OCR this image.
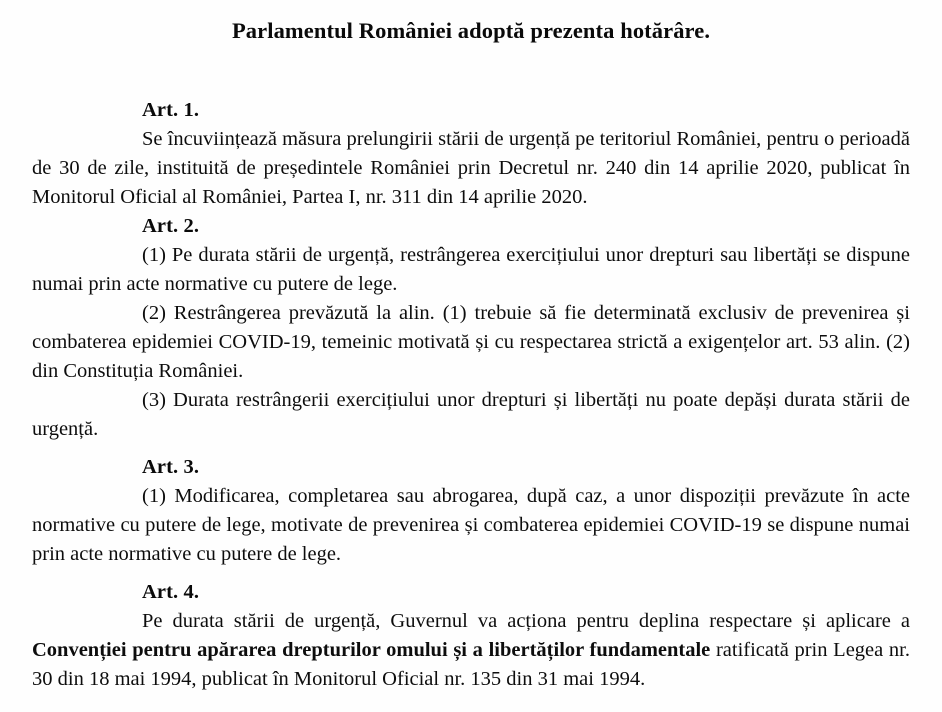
Parlamentul României adoptă prezenta hotărâre.
Art. 1.

Se încuviințează măsura prelungirii stării de urgență pe teritoriul României, pentru o perioadă de 30 de zile, instituită de președintele României prin Decretul nr. 240 din 14 aprilie 2020, publicat în Monitorul Oficial al României, Partea I, nr. 311 din 14 aprilie 2020.

Art. 2.

(1) Pe durata stării de urgență, restrângerea exercițiului unor drepturi sau libertăți se dispune numai prin acte normative cu putere de lege.

(2) Restrângerea prevăzută la alin. (1) trebuie să fie determinată exclusiv de prevenirea și combaterea epidemiei COVID-19, temeinic motivată și cu respectarea strictă a exigențelor art. 53 alin. (2) din Constituția României.

(3) Durata restrângerii exercițiului unor drepturi și libertăți nu poate depăși durata stării de urgență.

Art. 3.

(1) Modificarea, completarea sau abrogarea, după caz, a unor dispoziții prevăzute în acte normative cu putere de lege, motivate de prevenirea și combaterea epidemiei COVID-19 se dispune numai prin acte normative cu putere de lege.

Art. 4.

Pe durata stării de urgență, Guvernul va acționa pentru deplina respectare și aplicare a Convenției pentru apărarea drepturilor omului și a libertăților fundamentale ratificată prin Legea nr. 30 din 18 mai 1994, publicat în Monitorul Oficial nr. 135 din 31 mai 1994.
